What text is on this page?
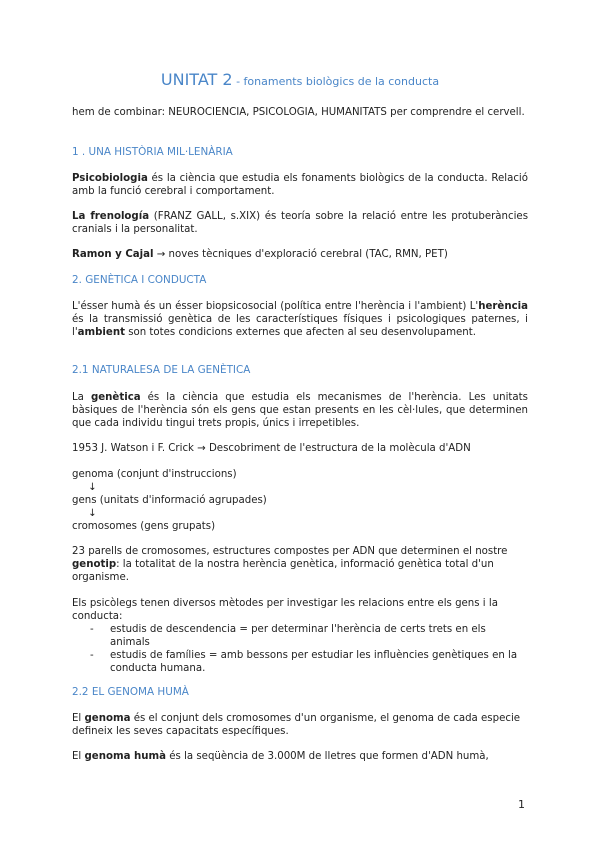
UNITAT 2 - fonaments biològics de la conducta

hem de combinar: NEUROCIENCIA, PSICOLOGIA, HUMANITATS per comprendre el cervell.

1 . UNA HISTÒRIA MIL·LENÀRIA

Psicobiologia és la ciència que estudia els fonaments biològics de la conducta. Relació amb la funció cerebral i comportament.

La frenología (FRANZ GALL, s.XIX) és teoría sobre la relació entre les protuberàncies cranials i la personalitat.

Ramon y Cajal → noves tècniques d'exploració cerebral (TAC, RMN, PET)

2. GENÈTICA I CONDUCTA

L'ésser humà és un ésser biopsicosocial (política entre l'herència i l'ambient) L'herència és la transmissió genètica de les característiques físiques i psicologiques paternes, i l'ambient son totes condicions externes que afecten al seu desenvolupament.

2.1 NATURALESA DE LA GENÈTICA

La genètica és la ciència que estudia els mecanismes de l'herència. Les unitats bàsiques de l'herència són els gens que estan presents en les cèl·lules, que determinen que cada individu tingui trets propis, únics i irrepetibles.

1953 J. Watson i F. Crick → Descobriment de l'estructura de la molècula d'ADN

genoma (conjunt d'instruccions)

↓

gens (unitats d'informació agrupades)

↓

cromosomes (gens grupats)

23 parells de cromosomes, estructures compostes per ADN que determinen el nostre genotip: la totalitat de la nostra herència genètica, informació genètica total d'un organisme.

Els psicòlegs tenen diversos mètodes per investigar les relacions entre els gens i la conducta:

- estudis de descendencia = per determinar l'herència de certs trets en els animals
- estudis de famílies = amb bessons per estudiar les influències genètiques en la conducta humana.
2.2 EL GENOMA HUMÀ

El genoma és el conjunt dels cromosomes d'un organisme, el genoma de cada especie defineix les seves capacitats específiques.

El genoma humà és la seqüència de 3.000M de lletres que formen d'ADN humà,

1
